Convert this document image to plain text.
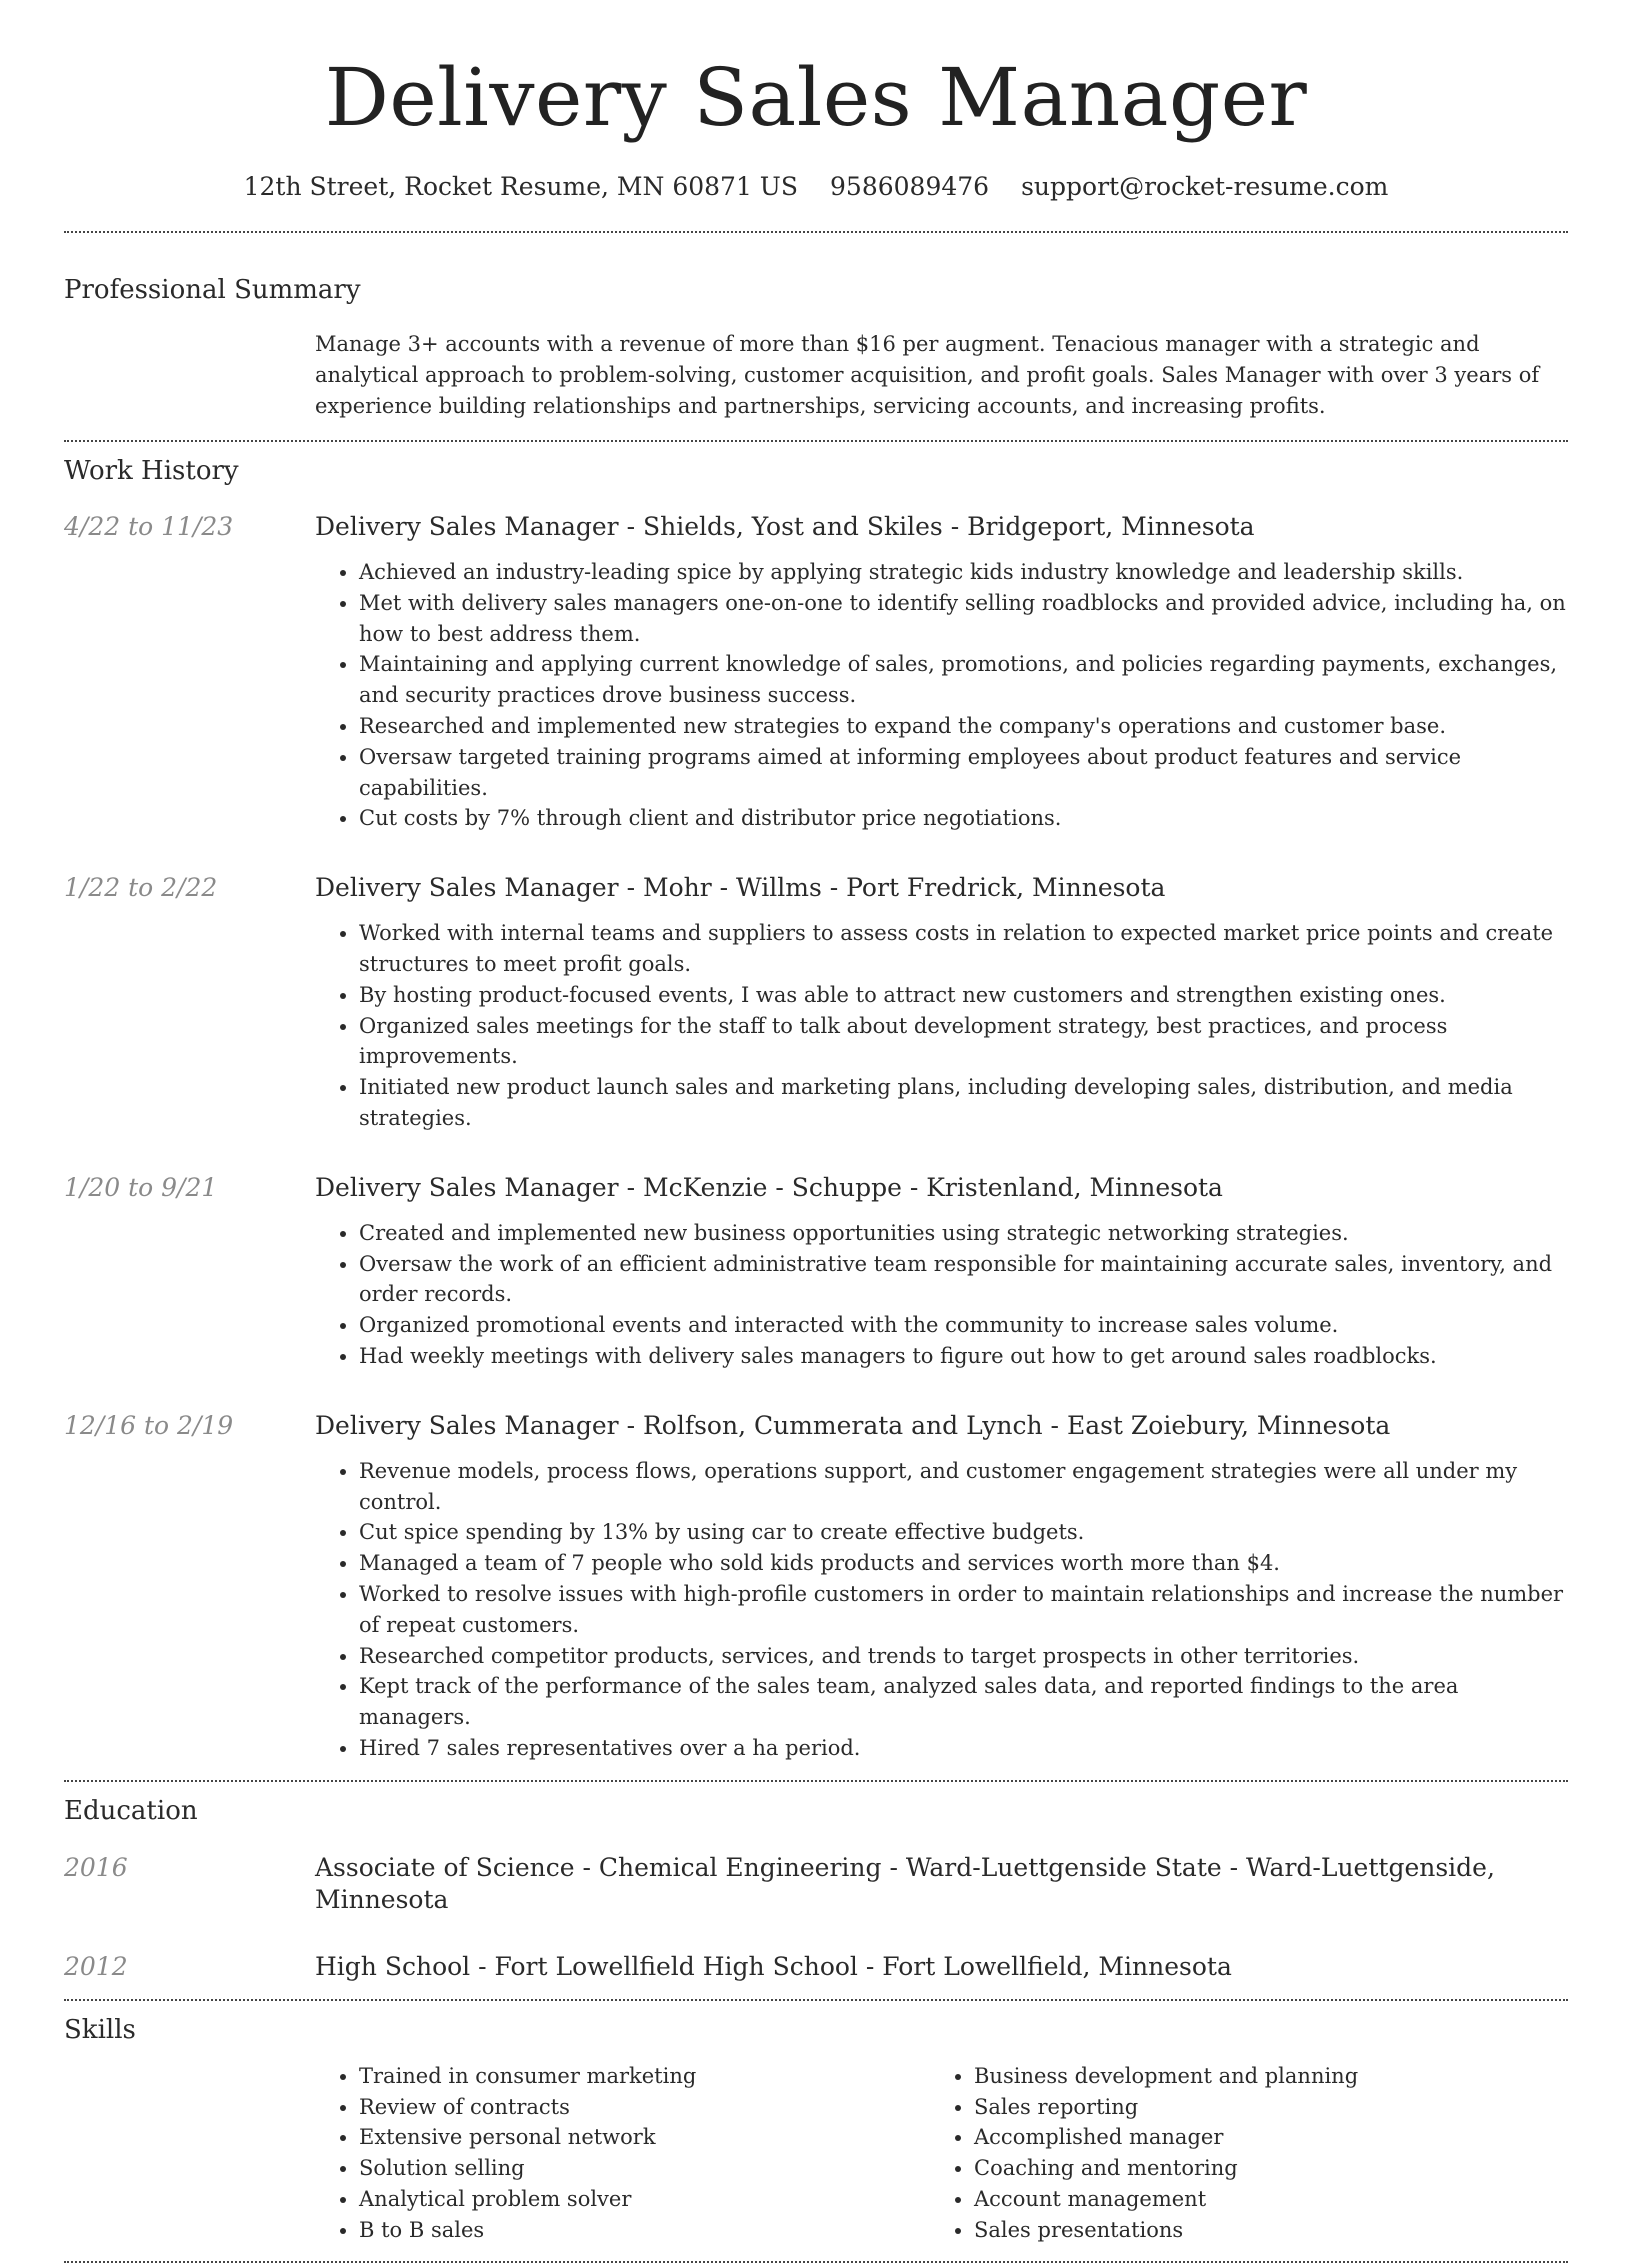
Delivery Sales Manager
12th Street, Rocket Resume, MN 60871 US 9586089476 support@rocket-resume.com
Professional Summary
Manage 3+ accounts with a revenue of more than $16 per augment. Tenacious manager with a strategic and analytical approach to problem-solving, customer acquisition, and profit goals. Sales Manager with over 3 years of experience building relationships and partnerships, servicing accounts, and increasing profits.
Work History
4/22 to 11/23	Delivery Sales Manager - Shields, Yost and Skiles - Bridgeport, Minnesota
• Achieved an industry-leading spice by applying strategic kids industry knowledge and leadership skills.
• Met with delivery sales managers one-on-one to identify selling roadblocks and provided advice, including ha, on how to best address them.
• Maintaining and applying current knowledge of sales, promotions, and policies regarding payments, exchanges, and security practices drove business success.
• Researched and implemented new strategies to expand the company's operations and customer base.
• Oversaw targeted training programs aimed at informing employees about product features and service capabilities.
• Cut costs by 7% through client and distributor price negotiations.
1/22 to 2/22	Delivery Sales Manager - Mohr - Willms - Port Fredrick, Minnesota
• Worked with internal teams and suppliers to assess costs in relation to expected market price points and create structures to meet profit goals.
• By hosting product-focused events, I was able to attract new customers and strengthen existing ones.
• Organized sales meetings for the staff to talk about development strategy, best practices, and process improvements.
• Initiated new product launch sales and marketing plans, including developing sales, distribution, and media strategies.
1/20 to 9/21	Delivery Sales Manager - McKenzie - Schuppe - Kristenland, Minnesota
• Created and implemented new business opportunities using strategic networking strategies.
• Oversaw the work of an efficient administrative team responsible for maintaining accurate sales, inventory, and order records.
• Organized promotional events and interacted with the community to increase sales volume.
• Had weekly meetings with delivery sales managers to figure out how to get around sales roadblocks.
12/16 to 2/19	Delivery Sales Manager - Rolfson, Cummerata and Lynch - East Zoiebury, Minnesota
• Revenue models, process flows, operations support, and customer engagement strategies were all under my control.
• Cut spice spending by 13% by using car to create effective budgets.
• Managed a team of 7 people who sold kids products and services worth more than $4.
• Worked to resolve issues with high-profile customers in order to maintain relationships and increase the number of repeat customers.
• Researched competitor products, services, and trends to target prospects in other territories.
• Kept track of the performance of the sales team, analyzed sales data, and reported findings to the area managers.
• Hired 7 sales representatives over a ha period.
Education
2016	Associate of Science - Chemical Engineering - Ward-Luettgenside State - Ward-Luettgenside, Minnesota
2012	High School - Fort Lowellfield High School - Fort Lowellfield, Minnesota
Skills
• Trained in consumer marketing
• Review of contracts
• Extensive personal network
• Solution selling
• Analytical problem solver
• B to B sales
• Business development and planning
• Sales reporting
• Accomplished manager
• Coaching and mentoring
• Account management
• Sales presentations
